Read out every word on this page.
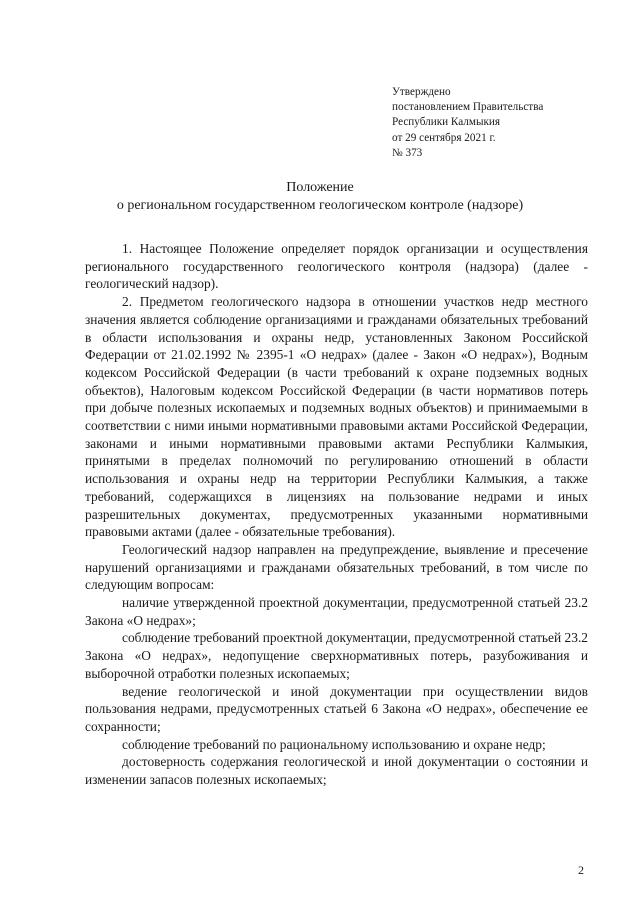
Утверждено
постановлением Правительства
Республики Калмыкия
от 29 сентября 2021 г.
№ 373
Положение
о региональном государственном геологическом контроле (надзоре)

1. Настоящее Положение определяет порядок организации и осуществления регионального государственного геологического контроля (надзора) (далее - геологический надзор).

2. Предметом геологического надзора в отношении участков недр местного значения является соблюдение организациями и гражданами обязательных требований в области использования и охраны недр, установленных Законом Российской Федерации от 21.02.1992 № 2395-1 «О недрах» (далее - Закон «О недрах»), Водным кодексом Российской Федерации (в части требований к охране подземных водных объектов), Налоговым кодексом Российской Федерации (в части нормативов потерь при добыче полезных ископаемых и подземных водных объектов) и принимаемыми в соответствии с ними иными нормативными правовыми актами Российской Федерации, законами и иными нормативными правовыми актами Республики Калмыкия, принятыми в пределах полномочий по регулированию отношений в области использования и охраны недр на территории Республики Калмыкия, а также требований, содержащихся в лицензиях на пользование недрами и иных разрешительных документах, предусмотренных указанными нормативными правовыми актами (далее - обязательные требования).

Геологический надзор направлен на предупреждение, выявление и пресечение нарушений организациями и гражданами обязательных требований, в том числе по следующим вопросам:

наличие утвержденной проектной документации, предусмотренной статьей 23.2 Закона «О недрах»;

соблюдение требований проектной документации, предусмотренной статьей 23.2 Закона «О недрах», недопущение сверхнормативных потерь, разубоживания и выборочной отработки полезных ископаемых;

ведение геологической и иной документации при осуществлении видов пользования недрами, предусмотренных статьей 6 Закона «О недрах», обеспечение ее сохранности;

соблюдение требований по рациональному использованию и охране недр;

достоверность содержания геологической и иной документации о состоянии и изменении запасов полезных ископаемых;

2
